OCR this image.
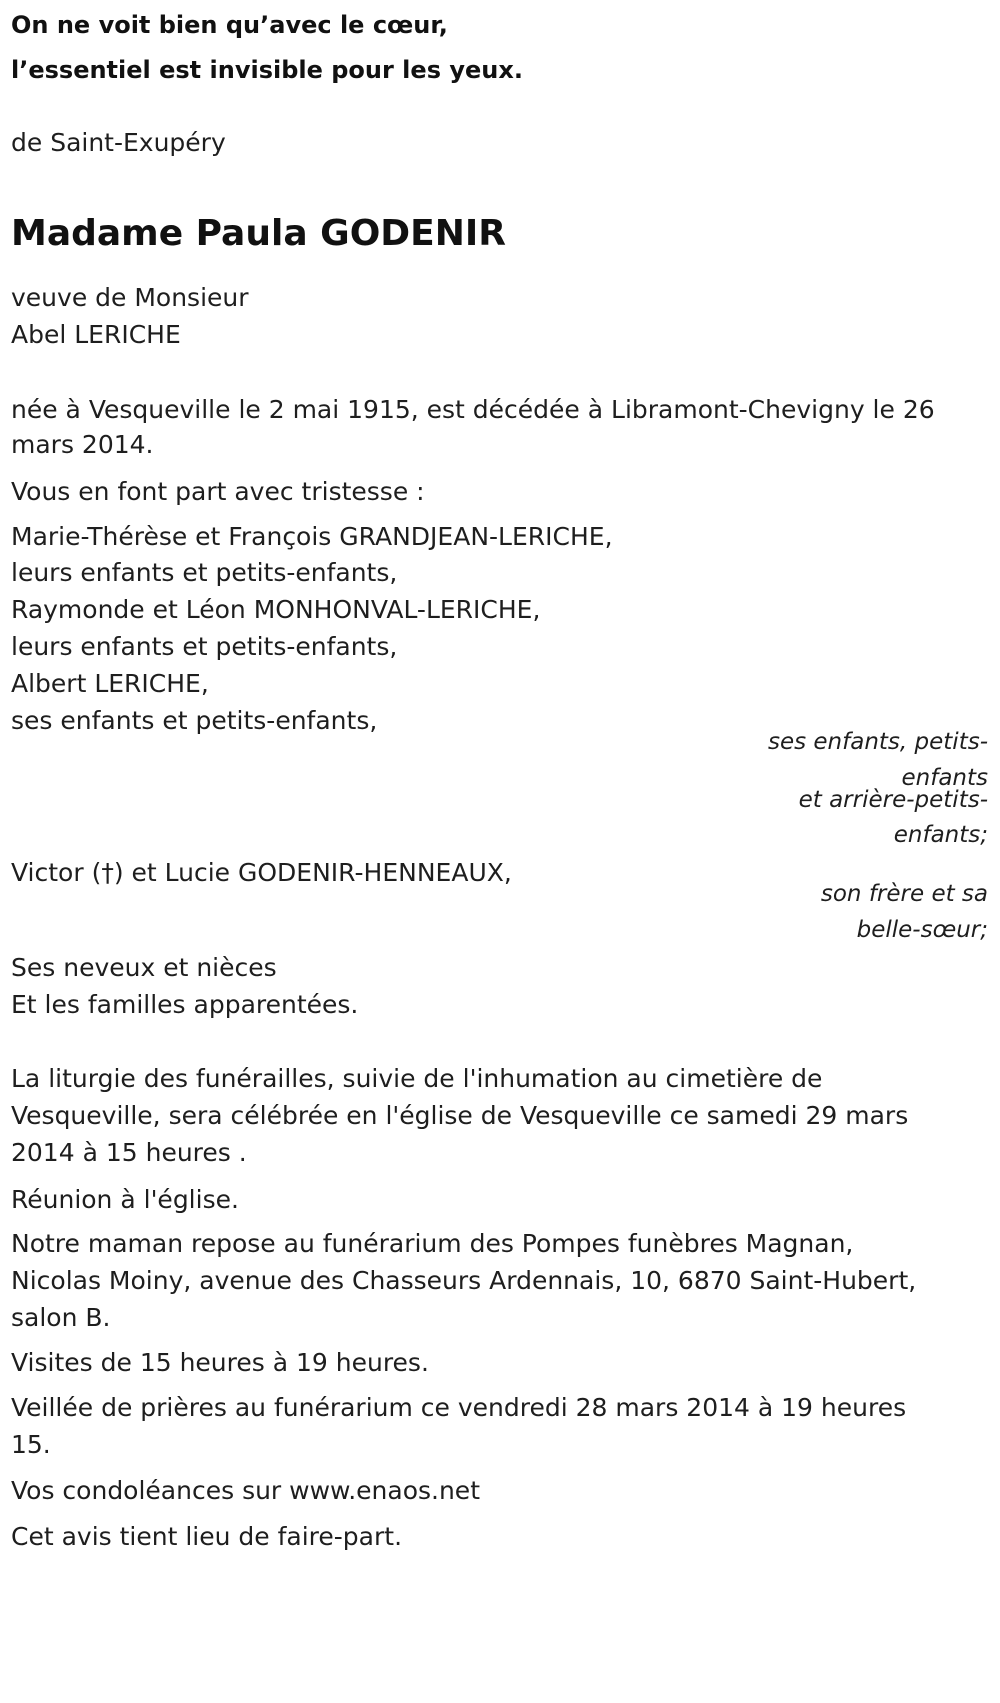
On ne voit bien qu’avec le cœur,

l’essentiel est invisible pour les yeux.

de Saint-Exupéry

Madame Paula GODENIR

veuve de Monsieur

Abel LERICHE

née à Vesqueville le 2 mai 1915, est décédée à Libramont-Chevigny le 26

mars 2014.

Vous en font part avec tristesse :

Marie-Thérèse et François GRANDJEAN-LERICHE,

leurs enfants et petits-enfants,

Raymonde et Léon MONHONVAL-LERICHE,

leurs enfants et petits-enfants,

Albert LERICHE,

ses enfants et petits-enfants,

ses enfants, petits-

enfants

et arrière-petits-

enfants;

Victor (†) et Lucie GODENIR-HENNEAUX,

son frère et sa

belle-sœur;

Ses neveux et nièces

Et les familles apparentées.

La liturgie des funérailles, suivie de l'inhumation au cimetière de

Vesqueville, sera célébrée en l'église de Vesqueville ce samedi 29 mars

2014 à 15 heures .

Réunion à l'église.

Notre maman repose au funérarium des Pompes funèbres Magnan,

Nicolas Moiny, avenue des Chasseurs Ardennais, 10, 6870 Saint-Hubert,

salon B.

Visites de 15 heures à 19 heures.

Veillée de prières au funérarium ce vendredi 28 mars 2014 à 19 heures

15.

Vos condoléances sur www.enaos.net

Cet avis tient lieu de faire-part.
